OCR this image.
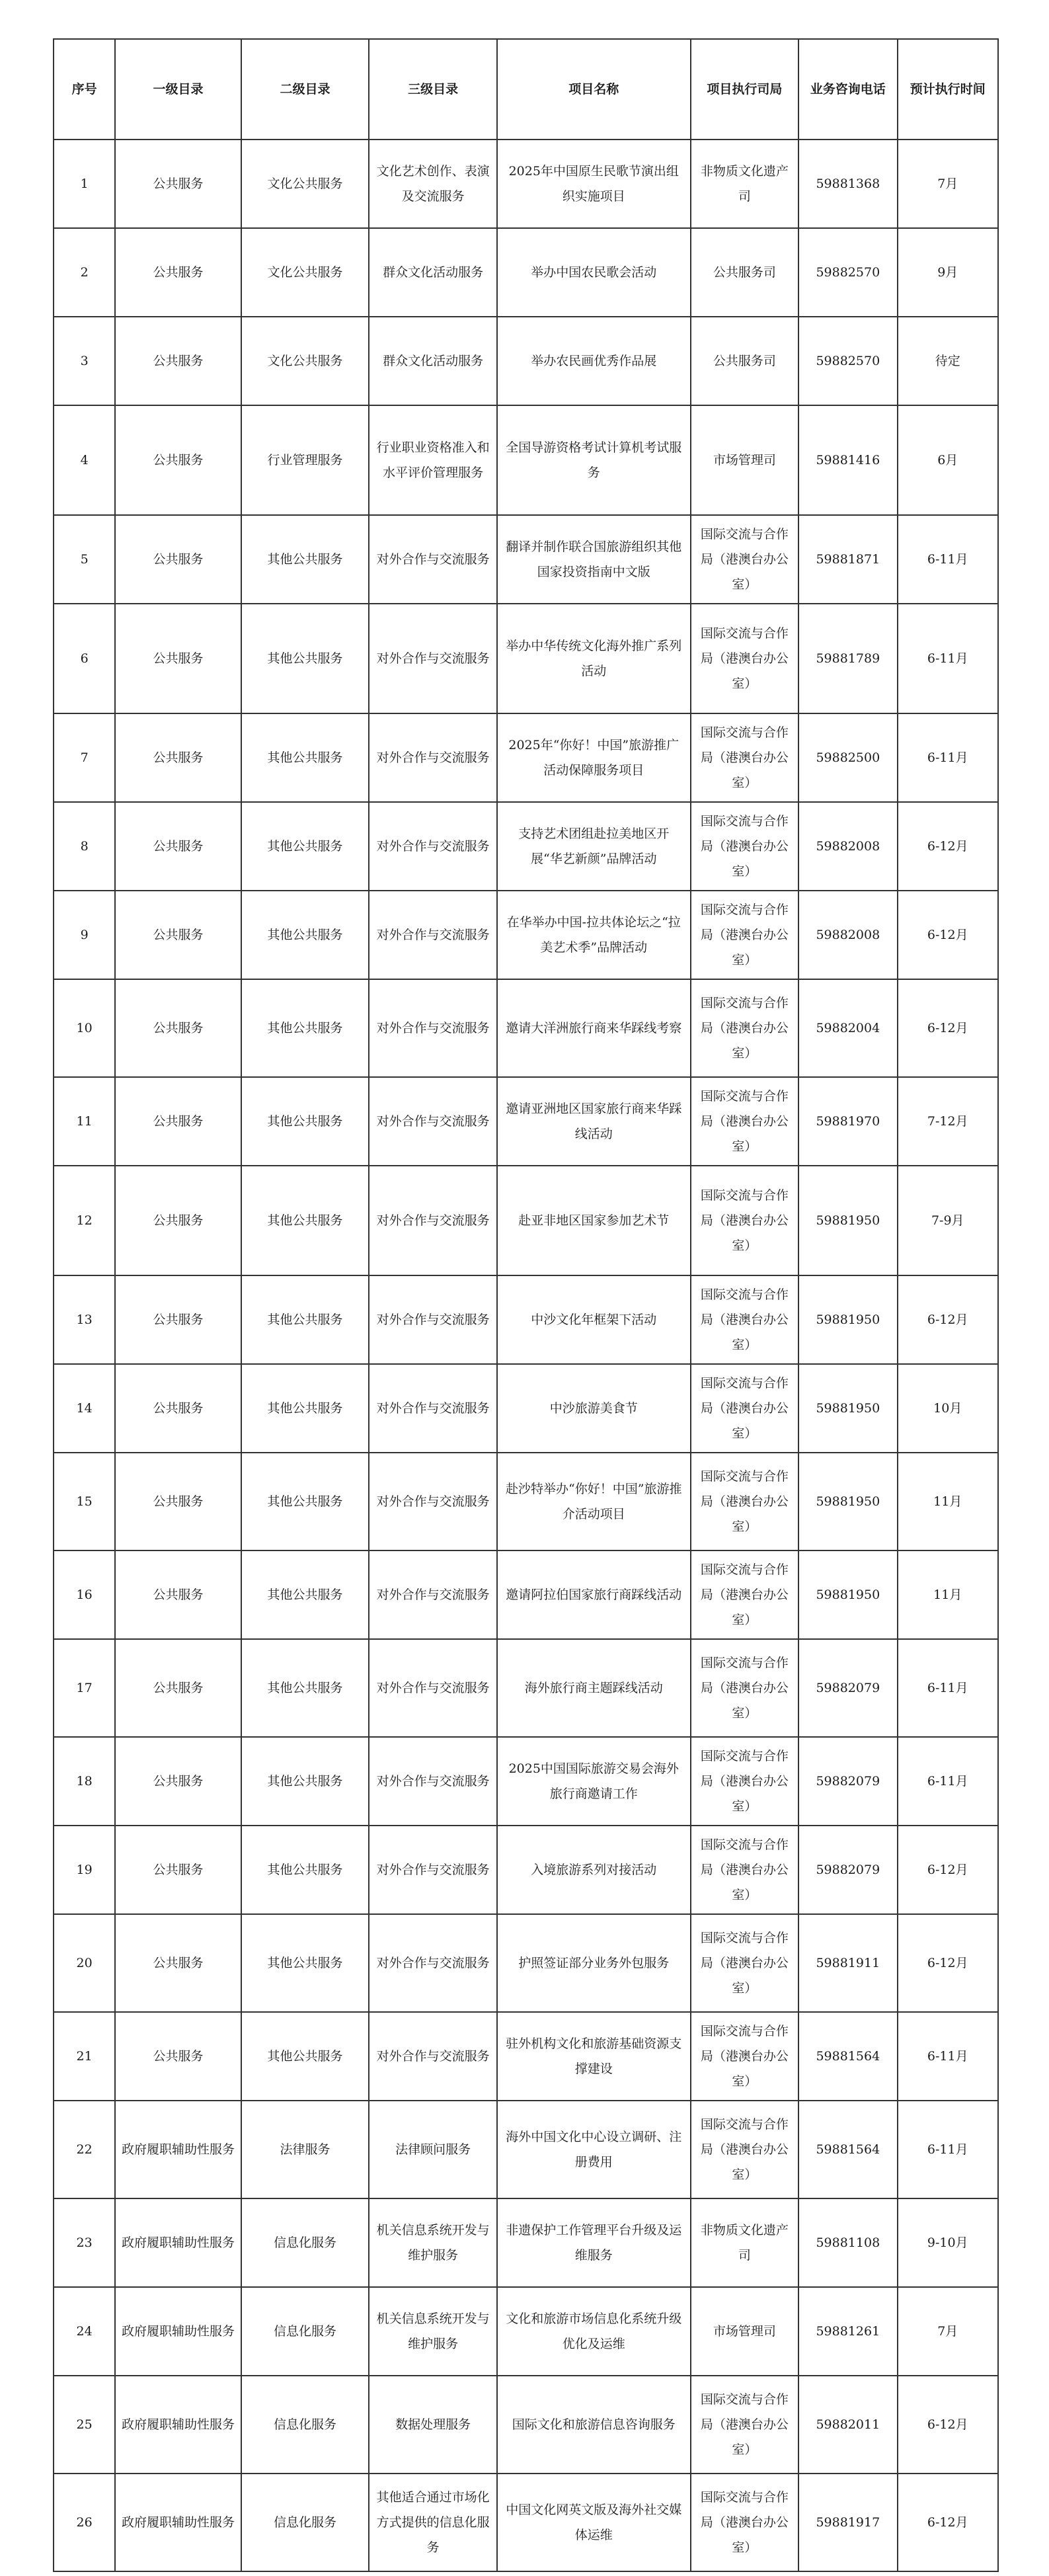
序号	一级目录	二级目录	三级目录	项目名称	项目执行司局	业务咨询电话	预计执行时间
1	公共服务	文化公共服务	文化艺术创作、表演及交流服务	2025年中国原生民歌节演出组织实施项目	非物质文化遗产司	59881368	7月
2	公共服务	文化公共服务	群众文化活动服务	举办中国农民歌会活动	公共服务司	59882570	9月
3	公共服务	文化公共服务	群众文化活动服务	举办农民画优秀作品展	公共服务司	59882570	待定
4	公共服务	行业管理服务	行业职业资格准入和水平评价管理服务	全国导游资格考试计算机考试服务	市场管理司	59881416	6月
5	公共服务	其他公共服务	对外合作与交流服务	翻译并制作联合国旅游组织其他国家投资指南中文版	国际交流与合作局（港澳台办公室）	59881871	6-11月
6	公共服务	其他公共服务	对外合作与交流服务	举办中华传统文化海外推广系列活动	国际交流与合作局（港澳台办公室）	59881789	6-11月
7	公共服务	其他公共服务	对外合作与交流服务	2025年“你好！中国”旅游推广活动保障服务项目	国际交流与合作局（港澳台办公室）	59882500	6-11月
8	公共服务	其他公共服务	对外合作与交流服务	支持艺术团组赴拉美地区开展“华艺新颜”品牌活动	国际交流与合作局（港澳台办公室）	59882008	6-12月
9	公共服务	其他公共服务	对外合作与交流服务	在华举办中国-拉共体论坛之“拉美艺术季”品牌活动	国际交流与合作局（港澳台办公室）	59882008	6-12月
10	公共服务	其他公共服务	对外合作与交流服务	邀请大洋洲旅行商来华踩线考察	国际交流与合作局（港澳台办公室）	59882004	6-12月
11	公共服务	其他公共服务	对外合作与交流服务	邀请亚洲地区国家旅行商来华踩线活动	国际交流与合作局（港澳台办公室）	59881970	7-12月
12	公共服务	其他公共服务	对外合作与交流服务	赴亚非地区国家参加艺术节	国际交流与合作局（港澳台办公室）	59881950	7-9月
13	公共服务	其他公共服务	对外合作与交流服务	中沙文化年框架下活动	国际交流与合作局（港澳台办公室）	59881950	6-12月
14	公共服务	其他公共服务	对外合作与交流服务	中沙旅游美食节	国际交流与合作局（港澳台办公室）	59881950	10月
15	公共服务	其他公共服务	对外合作与交流服务	赴沙特举办“你好！中国”旅游推介活动项目	国际交流与合作局（港澳台办公室）	59881950	11月
16	公共服务	其他公共服务	对外合作与交流服务	邀请阿拉伯国家旅行商踩线活动	国际交流与合作局（港澳台办公室）	59881950	11月
17	公共服务	其他公共服务	对外合作与交流服务	海外旅行商主题踩线活动	国际交流与合作局（港澳台办公室）	59882079	6-11月
18	公共服务	其他公共服务	对外合作与交流服务	2025中国国际旅游交易会海外旅行商邀请工作	国际交流与合作局（港澳台办公室）	59882079	6-11月
19	公共服务	其他公共服务	对外合作与交流服务	入境旅游系列对接活动	国际交流与合作局（港澳台办公室）	59882079	6-12月
20	公共服务	其他公共服务	对外合作与交流服务	护照签证部分业务外包服务	国际交流与合作局（港澳台办公室）	59881911	6-12月
21	公共服务	其他公共服务	对外合作与交流服务	驻外机构文化和旅游基础资源支撑建设	国际交流与合作局（港澳台办公室）	59881564	6-11月
22	政府履职辅助性服务	法律服务	法律顾问服务	海外中国文化中心设立调研、注册费用	国际交流与合作局（港澳台办公室）	59881564	6-11月
23	政府履职辅助性服务	信息化服务	机关信息系统开发与维护服务	非遗保护工作管理平台升级及运维服务	非物质文化遗产司	59881108	9-10月
24	政府履职辅助性服务	信息化服务	机关信息系统开发与维护服务	文化和旅游市场信息化系统升级优化及运维	市场管理司	59881261	7月
25	政府履职辅助性服务	信息化服务	数据处理服务	国际文化和旅游信息咨询服务	国际交流与合作局（港澳台办公室）	59882011	6-12月
26	政府履职辅助性服务	信息化服务	其他适合通过市场化方式提供的信息化服务	中国文化网英文版及海外社交媒体运维	国际交流与合作局（港澳台办公室）	59881917	6-12月
